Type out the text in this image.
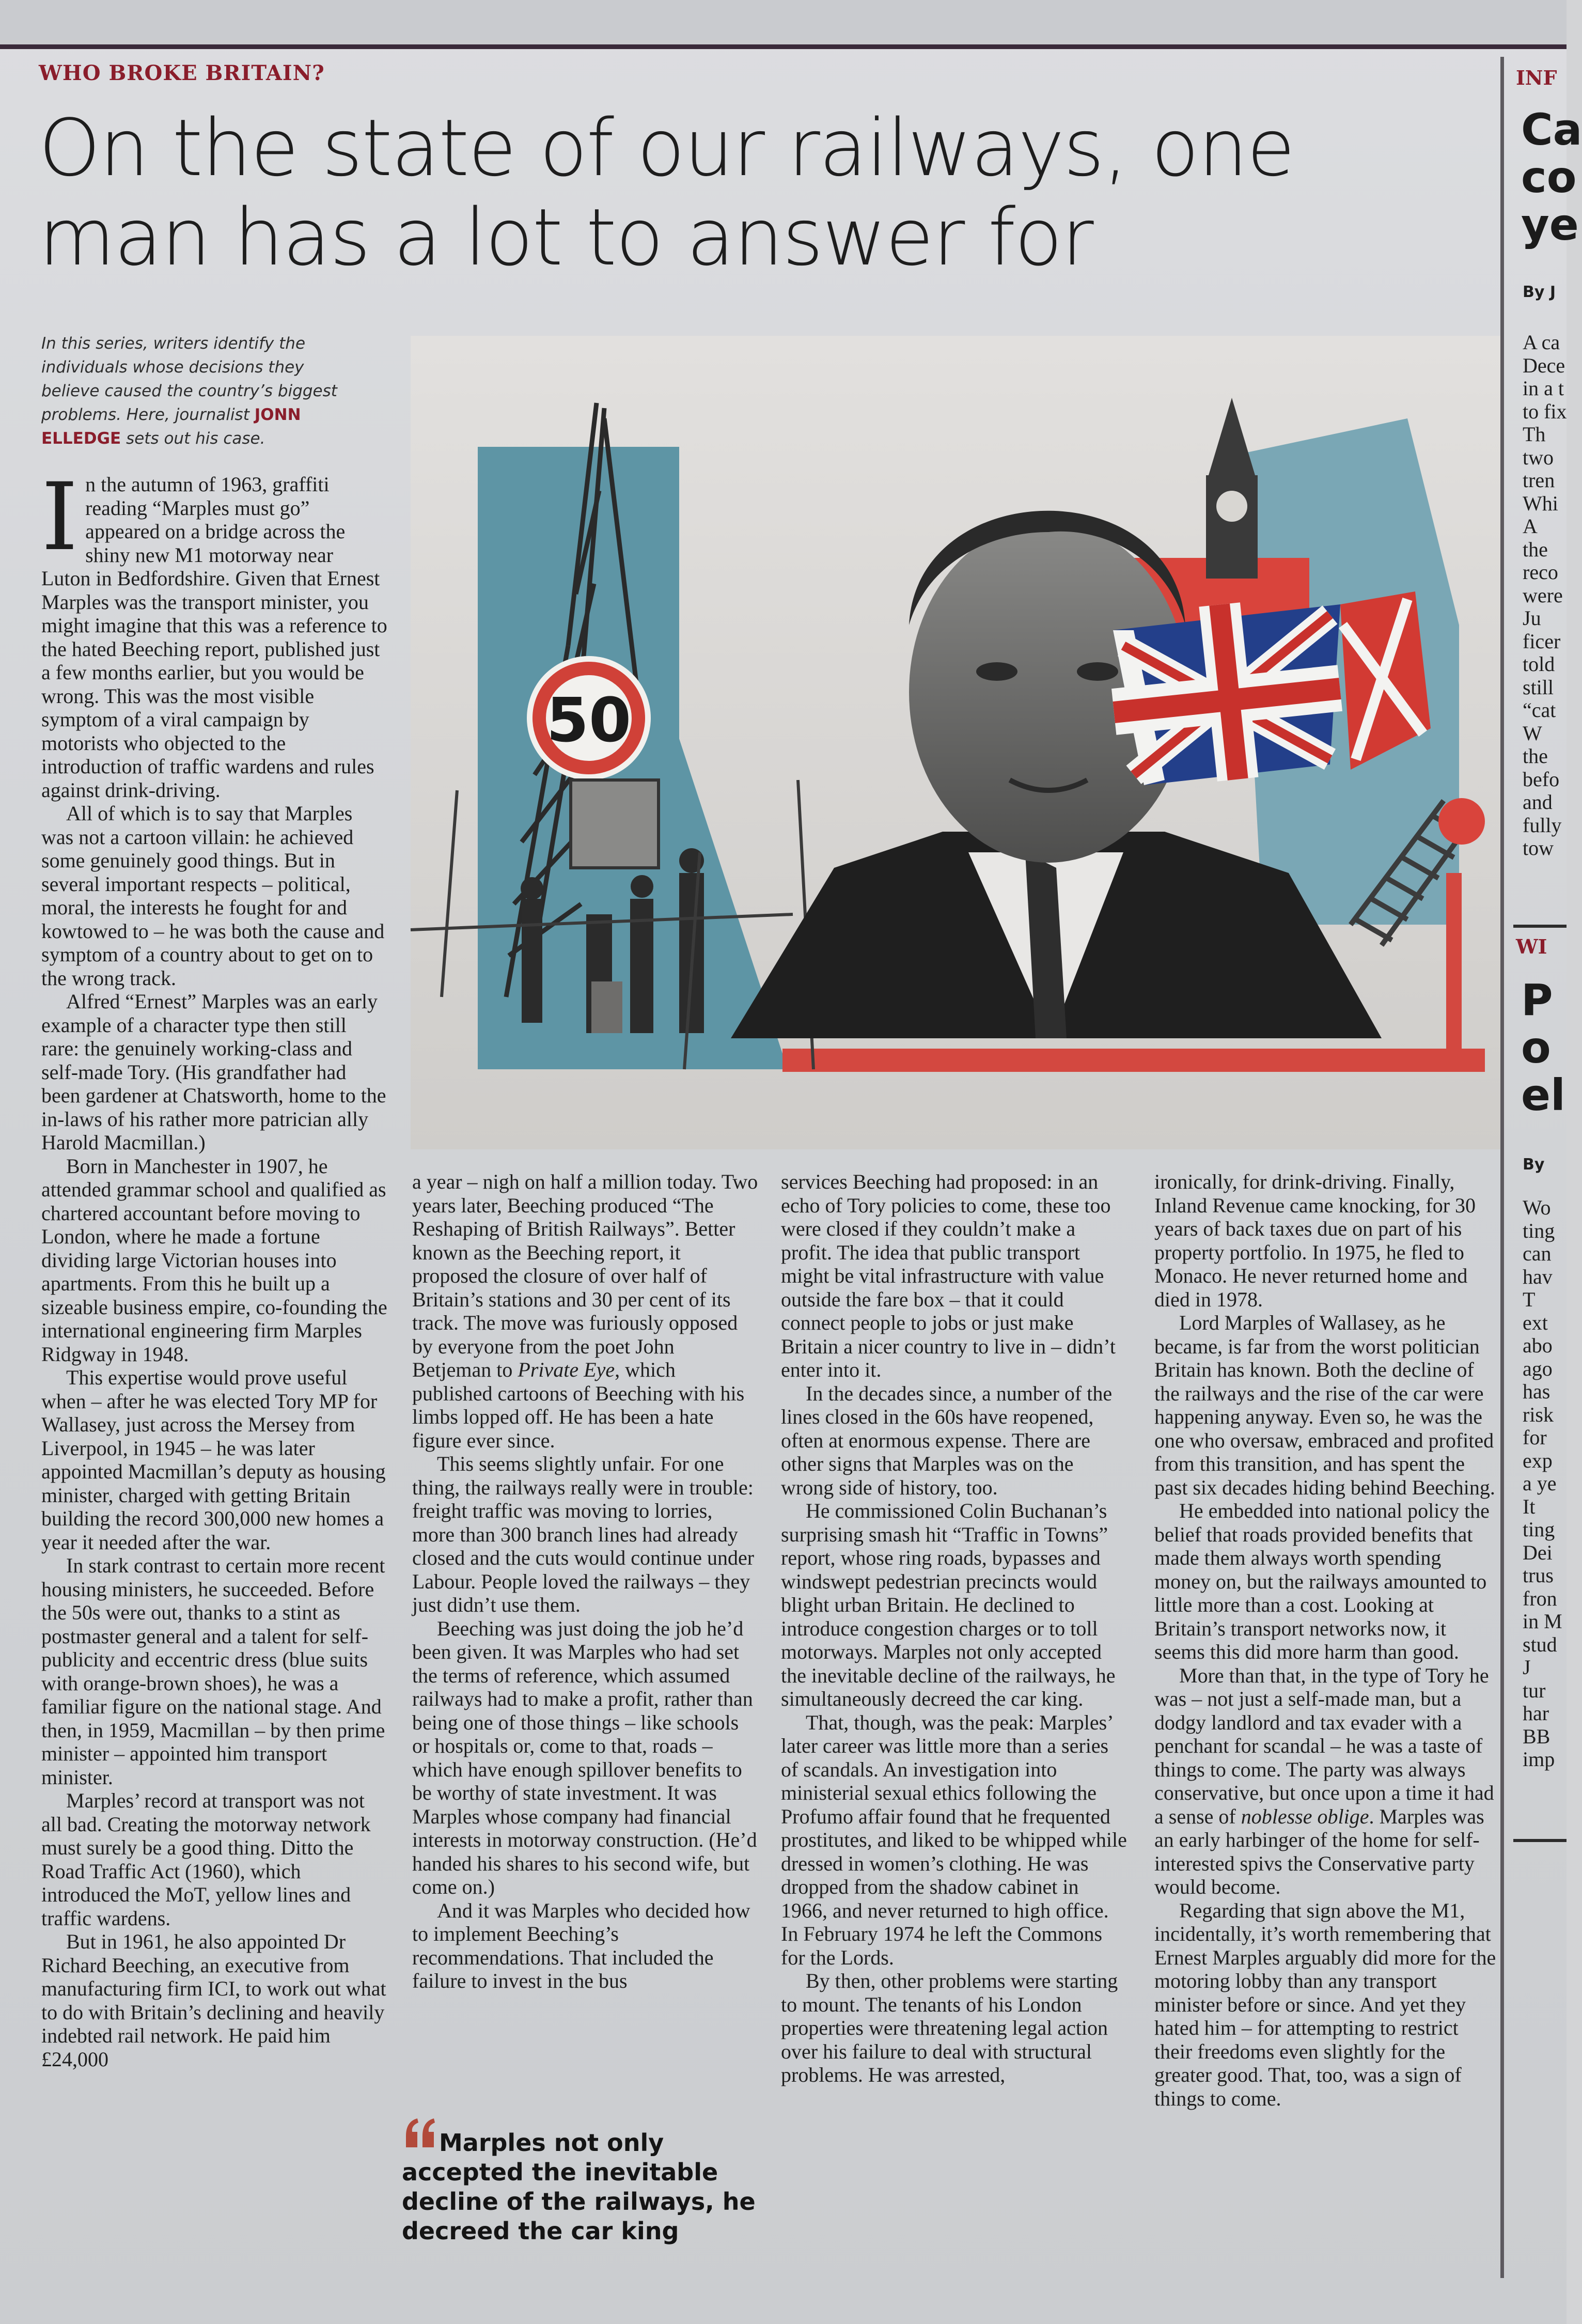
WHO BROKE BRITAIN?
On the state of our railways, one man has a lot to answer for
In this series, writers identify the individuals whose decisions they believe caused the country’s biggest problems. Here, journalist JONN ELLEDGE sets out his case.
50

In the autumn of 1963, graffiti reading “Marples must go” appeared on a bridge across the shiny new M1 motorway near Luton in Bedfordshire. Given that Ernest Marples was the transport minister, you might imagine that this was a reference to the hated Beeching report, published just a few months earlier, but you would be wrong. This was the most visible symptom of a viral campaign by motorists who objected to the introduction of traffic wardens and rules against drink-driving.

All of which is to say that Marples was not a cartoon villain: he achieved some genuinely good things. But in several important respects – political, moral, the interests he fought for and kowtowed to – he was both the cause and symptom of a country about to get on to the wrong track.

Alfred “Ernest” Marples was an early example of a character type then still rare: the genuinely working-class and self-made Tory. (His grandfather had been gardener at Chatsworth, home to the in-laws of his rather more patrician ally Harold Macmillan.)

Born in Manchester in 1907, he attended grammar school and qualified as chartered accountant before moving to London, where he made a fortune dividing large Victorian houses into apartments. From this he built up a sizeable business empire, co-founding the international engineering firm Marples Ridgway in 1948.

This expertise would prove useful when – after he was elected Tory MP for Wallasey, just across the Mersey from Liverpool, in 1945 – he was later appointed Macmillan’s deputy as housing minister, charged with getting Britain building the record 300,000 new homes a year it needed after the war.

In stark contrast to certain more recent housing ministers, he succeeded. Before the 50s were out, thanks to a stint as postmaster general and a talent for self-publicity and eccentric dress (blue suits with orange-brown shoes), he was a familiar figure on the national stage. And then, in 1959, Macmillan – by then prime minister – appointed him transport minister.

Marples’ record at transport was not all bad. Creating the motorway network must surely be a good thing. Ditto the Road Traffic Act (1960), which introduced the MoT, yellow lines and traffic wardens.

But in 1961, he also appointed Dr Richard Beeching, an executive from manufacturing firm ICI, to work out what to do with Britain’s declining and heavily indebted rail network. He paid him £24,000

a year – nigh on half a million today. Two years later, Beeching produced “The Reshaping of British Railways”. Better known as the Beeching report, it proposed the closure of over half of Britain’s stations and 30 per cent of its track. The move was furiously opposed by everyone from the poet John Betjeman to Private Eye, which published cartoons of Beeching with his limbs lopped off. He has been a hate figure ever since.

This seems slightly unfair. For one thing, the railways really were in trouble: freight traffic was moving to lorries, more than 300 branch lines had already closed and the cuts would continue under Labour. People loved the railways – they just didn’t use them.

Beeching was just doing the job he’d been given. It was Marples who had set the terms of reference, which assumed railways had to make a profit, rather than being one of those things – like schools or hospitals or, come to that, roads – which have enough spillover benefits to be worthy of state investment. It was Marples whose company had financial interests in motorway construction. (He’d handed his shares to his second wife, but come on.)

And it was Marples who decided how to implement Beeching’s recommendations. That included the failure to invest in the bus

Marples not only accepted the inevitable decline of the railways, he decreed the car king

services Beeching had proposed: in an echo of Tory policies to come, these too were closed if they couldn’t make a profit. The idea that public transport might be vital infrastructure with value outside the fare box – that it could connect people to jobs or just make Britain a nicer country to live in – didn’t enter into it.

In the decades since, a number of the lines closed in the 60s have reopened, often at enormous expense. There are other signs that Marples was on the wrong side of history, too.

He commissioned Colin Buchanan’s surprising smash hit “Traffic in Towns” report, whose ring roads, bypasses and windswept pedestrian precincts would blight urban Britain. He declined to introduce congestion charges or to toll motorways. Marples not only accepted the inevitable decline of the railways, he simultaneously decreed the car king.

That, though, was the peak: Marples’ later career was little more than a series of scandals. An investigation into ministerial sexual ethics following the Profumo affair found that he frequented prostitutes, and liked to be whipped while dressed in women’s clothing. He was dropped from the shadow cabinet in 1966, and never returned to high office. In February 1974 he left the Commons for the Lords.

By then, other problems were starting to mount. The tenants of his London properties were threatening legal action over his failure to deal with structural problems. He was arrested,

ironically, for drink-driving. Finally, Inland Revenue came knocking, for 30 years of back taxes due on part of his property portfolio. In 1975, he fled to Monaco. He never returned home and died in 1978.

Lord Marples of Wallasey, as he became, is far from the worst politician Britain has known. Both the decline of the railways and the rise of the car were happening anyway. Even so, he was the one who oversaw, embraced and profited from this transition, and has spent the past six decades hiding behind Beeching.

He embedded into national policy the belief that roads provided benefits that made them always worth spending money on, but the railways amounted to little more than a cost. Looking at Britain’s transport networks now, it seems this did more harm than good.

More than that, in the type of Tory he was – not just a self-made man, but a dodgy landlord and tax evader with a penchant for scandal – he was a taste of things to come. The party was always conservative, but once upon a time it had a sense of noblesse oblige. Marples was an early harbinger of the home for self-interested spivs the Conservative party would become.

Regarding that sign above the M1, incidentally, it’s worth remembering that Ernest Marples arguably did more for the motoring lobby than any transport minister before or since. And yet they hated him – for attempting to restrict their freedoms even slightly for the greater good. That, too, was a sign of things to come.

INF
Ca
co
ye
By J
A ca
Dece
in a t
to fix
Th
two
tren
Whi
A
the
reco
were
Ju
ficer
told
still
“cat
W
the
befo
and
fully
tow
WI
P
o
el
By
Wo
ting
can
hav
T
ext
abo
ago
has
risk
for
exp
a ye
It
ting
Dei
trus
fron
in M
stud
J
tur
har
BB
imp
